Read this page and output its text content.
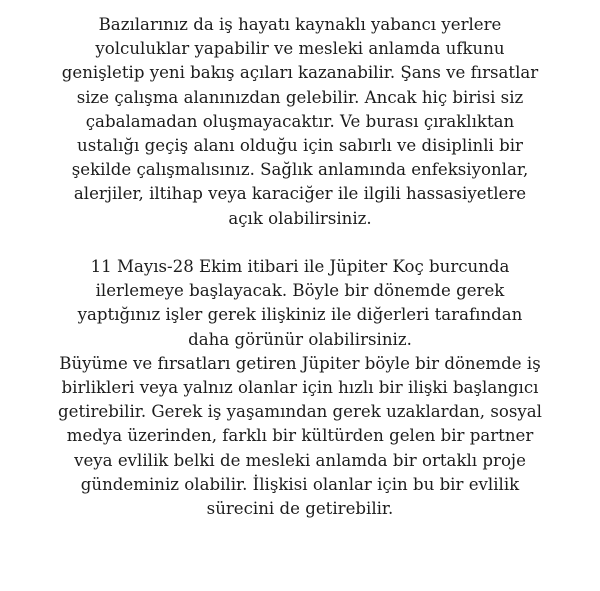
Bazılarınız da iş hayatı kaynaklı yabancı yerlere
yolculuklar yapabilir ve mesleki anlamda ufkunu
genişletip yeni bakış açıları kazanabilir. Şans ve fırsatlar
size çalışma alanınızdan gelebilir. Ancak hiç birisi siz
çabalamadan oluşmayacaktır. Ve burası çıraklıktan
ustalığı geçiş alanı olduğu için sabırlı ve disiplinli bir
şekilde çalışmalısınız. Sağlık anlamında enfeksiyonlar,
alerjiler, iltihap veya karaciğer ile ilgili hassasiyetlere
açık olabilirsiniz.
11 Mayıs-28 Ekim itibari ile Jüpiter Koç burcunda
ilerlemeye başlayacak. Böyle bir dönemde gerek
yaptığınız işler gerek ilişkiniz ile diğerleri tarafından
daha görünür olabilirsiniz.
Büyüme ve fırsatları getiren Jüpiter böyle bir dönemde iş
birlikleri veya yalnız olanlar için hızlı bir ilişki başlangıcı
getirebilir. Gerek iş yaşamından gerek uzaklardan, sosyal
medya üzerinden, farklı bir kültürden gelen bir partner
veya evlilik belki de mesleki anlamda bir ortaklı proje
gündeminiz olabilir. İlişkisi olanlar için bu bir evlilik
sürecini de getirebilir.
